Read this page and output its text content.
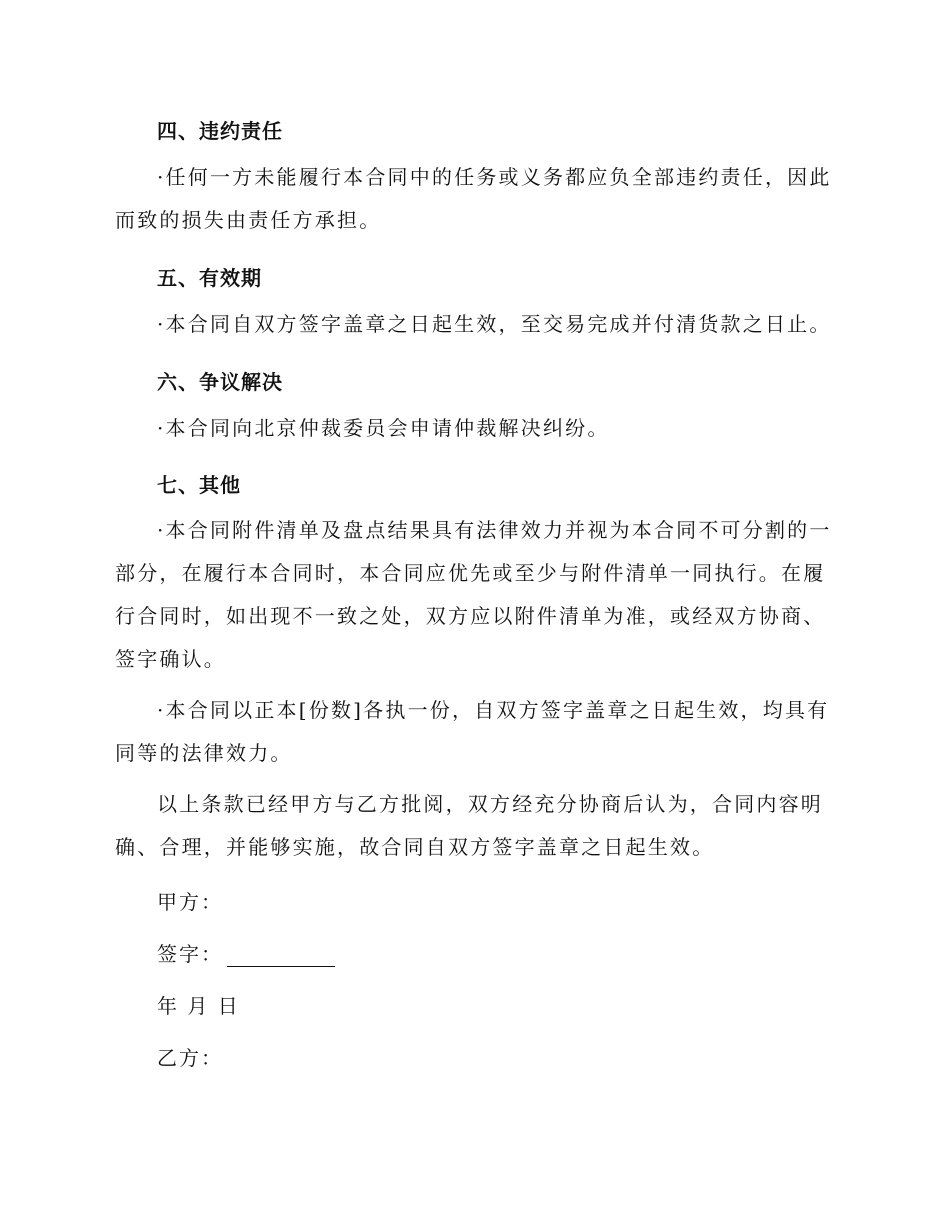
四、违约责任
·任何一方未能履行本合同中的任务或义务都应负全部违约责任，因此而致的损失由责任方承担。
五、有效期
·本合同自双方签字盖章之日起生效，至交易完成并付清货款之日止。
六、争议解决
·本合同向北京仲裁委员会申请仲裁解决纠纷。
七、其他
·本合同附件清单及盘点结果具有法律效力并视为本合同不可分割的一部分，在履行本合同时，本合同应优先或至少与附件清单一同执行。在履行合同时，如出现不一致之处，双方应以附件清单为准，或经双方协商、签字确认。
·本合同以正本[份数]各执一份，自双方签字盖章之日起生效，均具有同等的法律效力。
以上条款已经甲方与乙方批阅，双方经充分协商后认为，合同内容明确、合理，并能够实施，故合同自双方签字盖章之日起生效。
甲方：
签字：
年 月 日
乙方：
